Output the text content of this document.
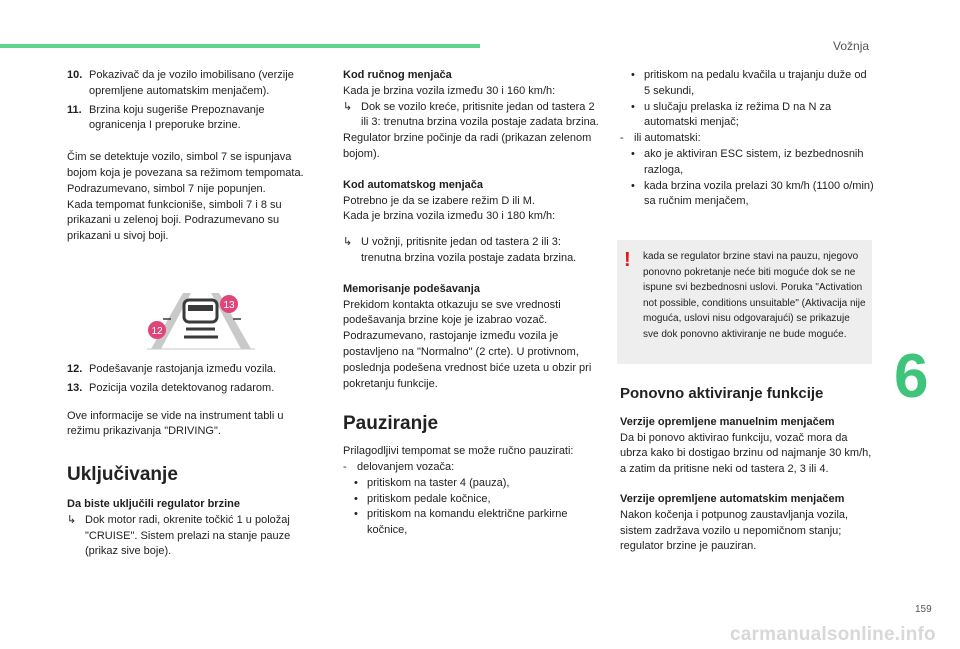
Vožnja
6

10. Pokazivač da je vozilo imobilisano (verzije opremljene automatskim menjačem).

11. Brzina koju sugeriše Prepoznavanje ogranicenja I preporuke brzine.

Čim se detektuje vozilo, simbol 7 se ispunjava bojom koja je povezana sa režimom tempomata. Podrazumevano, simbol 7 nije popunjen.

Kada tempomat funkcioniše, simboli 7 i 8 su prikazani u zelenoj boji. Podrazumevano su prikazani u sivoj boji.

13
12

12. Podešavanje rastojanja između vozila.

13. Pozicija vozila detektovanog radarom.

Ove informacije se vide na instrument tabli u režimu prikazivanja "DRIVING".

Uključivanje

Da biste uključili regulator brzine

↳ Dok motor radi, okrenite točkić 1 u položaj "CRUISE". Sistem prelazi na stanje pauze (prikaz sive boje).

Kod ručnog menjača

Kada je brzina vozila između 30 i 160 km/h:

↳ Dok se vozilo kreće, pritisnite jedan od tastera 2 ili 3: trenutna brzina vozila postaje zadata brzina.

Regulator brzine počinje da radi (prikazan zelenom bojom).

Kod automatskog menjača

Potrebno je da se izabere režim D ili M.

Kada je brzina vozila između 30 i 180 km/h:

↳ U vožnji, pritisnite jedan od tastera 2 ili 3: trenutna brzina vozila postaje zadata brzina.

Memorisanje podešavanja

Prekidom kontakta otkazuju se sve vrednosti podešavanja brzine koje je izabrao vozač. Podrazumevano, rastojanje između vozila je postavljeno na "Normalno" (2 crte). U protivnom, poslednja podešena vrednost biće uzeta u obzir pri pokretanju funkcije.

Pauziranje

Prilagodljivi tempomat se može ručno pauzirati:

- delovanjem vozača:

• pritiskom na taster 4 (pauza),

• pritiskom pedale kočnice,

• pritiskom na komandu električne parkirne kočnice,

• pritiskom na pedalu kvačila u trajanju duže od 5 sekundi,

• u slučaju prelaska iz režima D na N za automatski menjač;

- ili automatski:

• ako je aktiviran ESC sistem, iz bezbednosnih razloga,

• kada brzina vozila prelazi 30 km/h (1100 o/min) sa ručnim menjačem,

! kada se regulator brzine stavi na pauzu, njegovo ponovno pokretanje neće biti moguće dok se ne ispune svi bezbednosni uslovi. Poruka "Activation not possible, conditions unsuitable" (Aktivacija nije moguća, uslovi nisu odgovarajući) se prikazuje sve dok ponovno aktiviranje ne bude moguće.

Ponovno aktiviranje funkcije

Verzije opremljene manuelnim menjačem

Da bi ponovo aktivirao funkciju, vozač mora da ubrza kako bi dostigao brzinu od najmanje 30 km/h, a zatim da pritisne neki od tastera 2, 3 ili 4.

Verzije opremljene automatskim menjačem

Nakon kočenja i potpunog zaustavljanja vozila, sistem zadržava vozilo u nepomičnom stanju; regulator brzine je pauziran.

159
carmanualsonline.info
